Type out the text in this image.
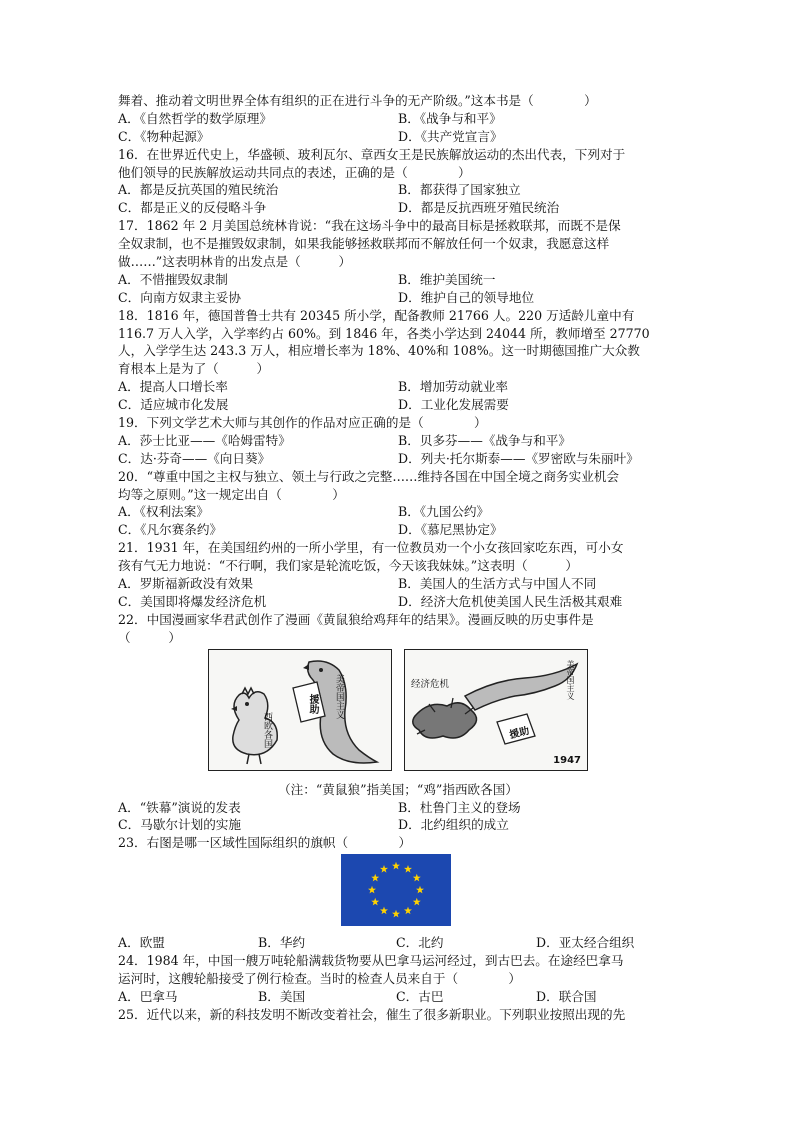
舞着、推动着文明世界全体有组织的正在进行斗争的无产阶级。”这本书是（　　　　）
A．《自然哲学的数学原理》	B．《战争与和平》
C．《物种起源》	D．《共产党宣言》
16．在世界近代史上，华盛顿、玻利瓦尔、章西女王是民族解放运动的杰出代表，下列对于
他们领导的民族解放运动共同点的表述，正确的是（　　　　）
A．都是反抗英国的殖民统治	B．都获得了国家独立
C．都是正义的反侵略斗争	D．都是反抗西班牙殖民统治
17．1862 年 2 月美国总统林肯说：“我在这场斗争中的最高目标是拯救联邦，而既不是保
全奴隶制，也不是摧毁奴隶制，如果我能够拯救联邦而不解放任何一个奴隶，我愿意这样
做……”这表明林肯的出发点是（　　　）
A．不惜摧毁奴隶制	B．维护美国统一
C．向南方奴隶主妥协	D．维护自己的领导地位
18．1816 年，德国普鲁士共有 20345 所小学，配备教师 21766 人。220 万适龄儿童中有
116.7 万人入学，入学率约占 60%。到 1846 年，各类小学达到 24044 所，教师增至 27770
人，入学学生达 243.3 万人，相应增长率为 18%、40%和 108%。这一时期德国推广大众教
育根本上是为了（　　　）
A．提高人口增长率	B．增加劳动就业率
C．适应城市化发展	D．工业化发展需要
19．下列文学艺术大师与其创作的作品对应正确的是（　　　　）
A．莎士比亚——《哈姆雷特》	B．贝多芬——《战争与和平》
C．达·芬奇——《向日葵》	D．列夫·托尔斯泰——《罗密欧与朱丽叶》
20．“尊重中国之主权与独立、领土与行政之完整……维持各国在中国全境之商务实业机会
均等之原则。”这一规定出自（　　　　）
A．《权利法案》	B．《九国公约》
C．《凡尔赛条约》	D．《慕尼黑协定》
21．1931 年，在美国纽约州的一所小学里，有一位教员劝一个小女孩回家吃东西，可小女
孩有气无力地说：“不行啊，我们家是轮流吃饭，今天该我妹妹。”这表明（　　　）
A．罗斯福新政没有效果	B．美国人的生活方式与中国人不同
C．美国即将爆发经济危机	D．经济大危机使美国人民生活极其艰难
22．中国漫画家华君武创作了漫画《黄鼠狼给鸡拜年的结果》。漫画反映的历史事件是
（　　　）
美帝国主义
援助
西欧各国
经济危机	美帝国主义
援助
1947
（注：“黄鼠狼”指美国；“鸡”指西欧各国）
A．“铁幕”演说的发表	B．杜鲁门主义的登场
C．马歇尔计划的实施	D．北约组织的成立
23．右图是哪一区域性国际组织的旗帜（　　　　）
A．欧盟	B．华约	C．北约	D．亚太经合组织
24．1984 年，中国一艘万吨轮船满载货物要从巴拿马运河经过，到古巴去。在途经巴拿马
运河时，这艘轮船接受了例行检查。当时的检查人员来自于（　　　　）
A．巴拿马	B．美国	C．古巴	D．联合国
25．近代以来，新的科技发明不断改变着社会，催生了很多新职业。下列职业按照出现的先
